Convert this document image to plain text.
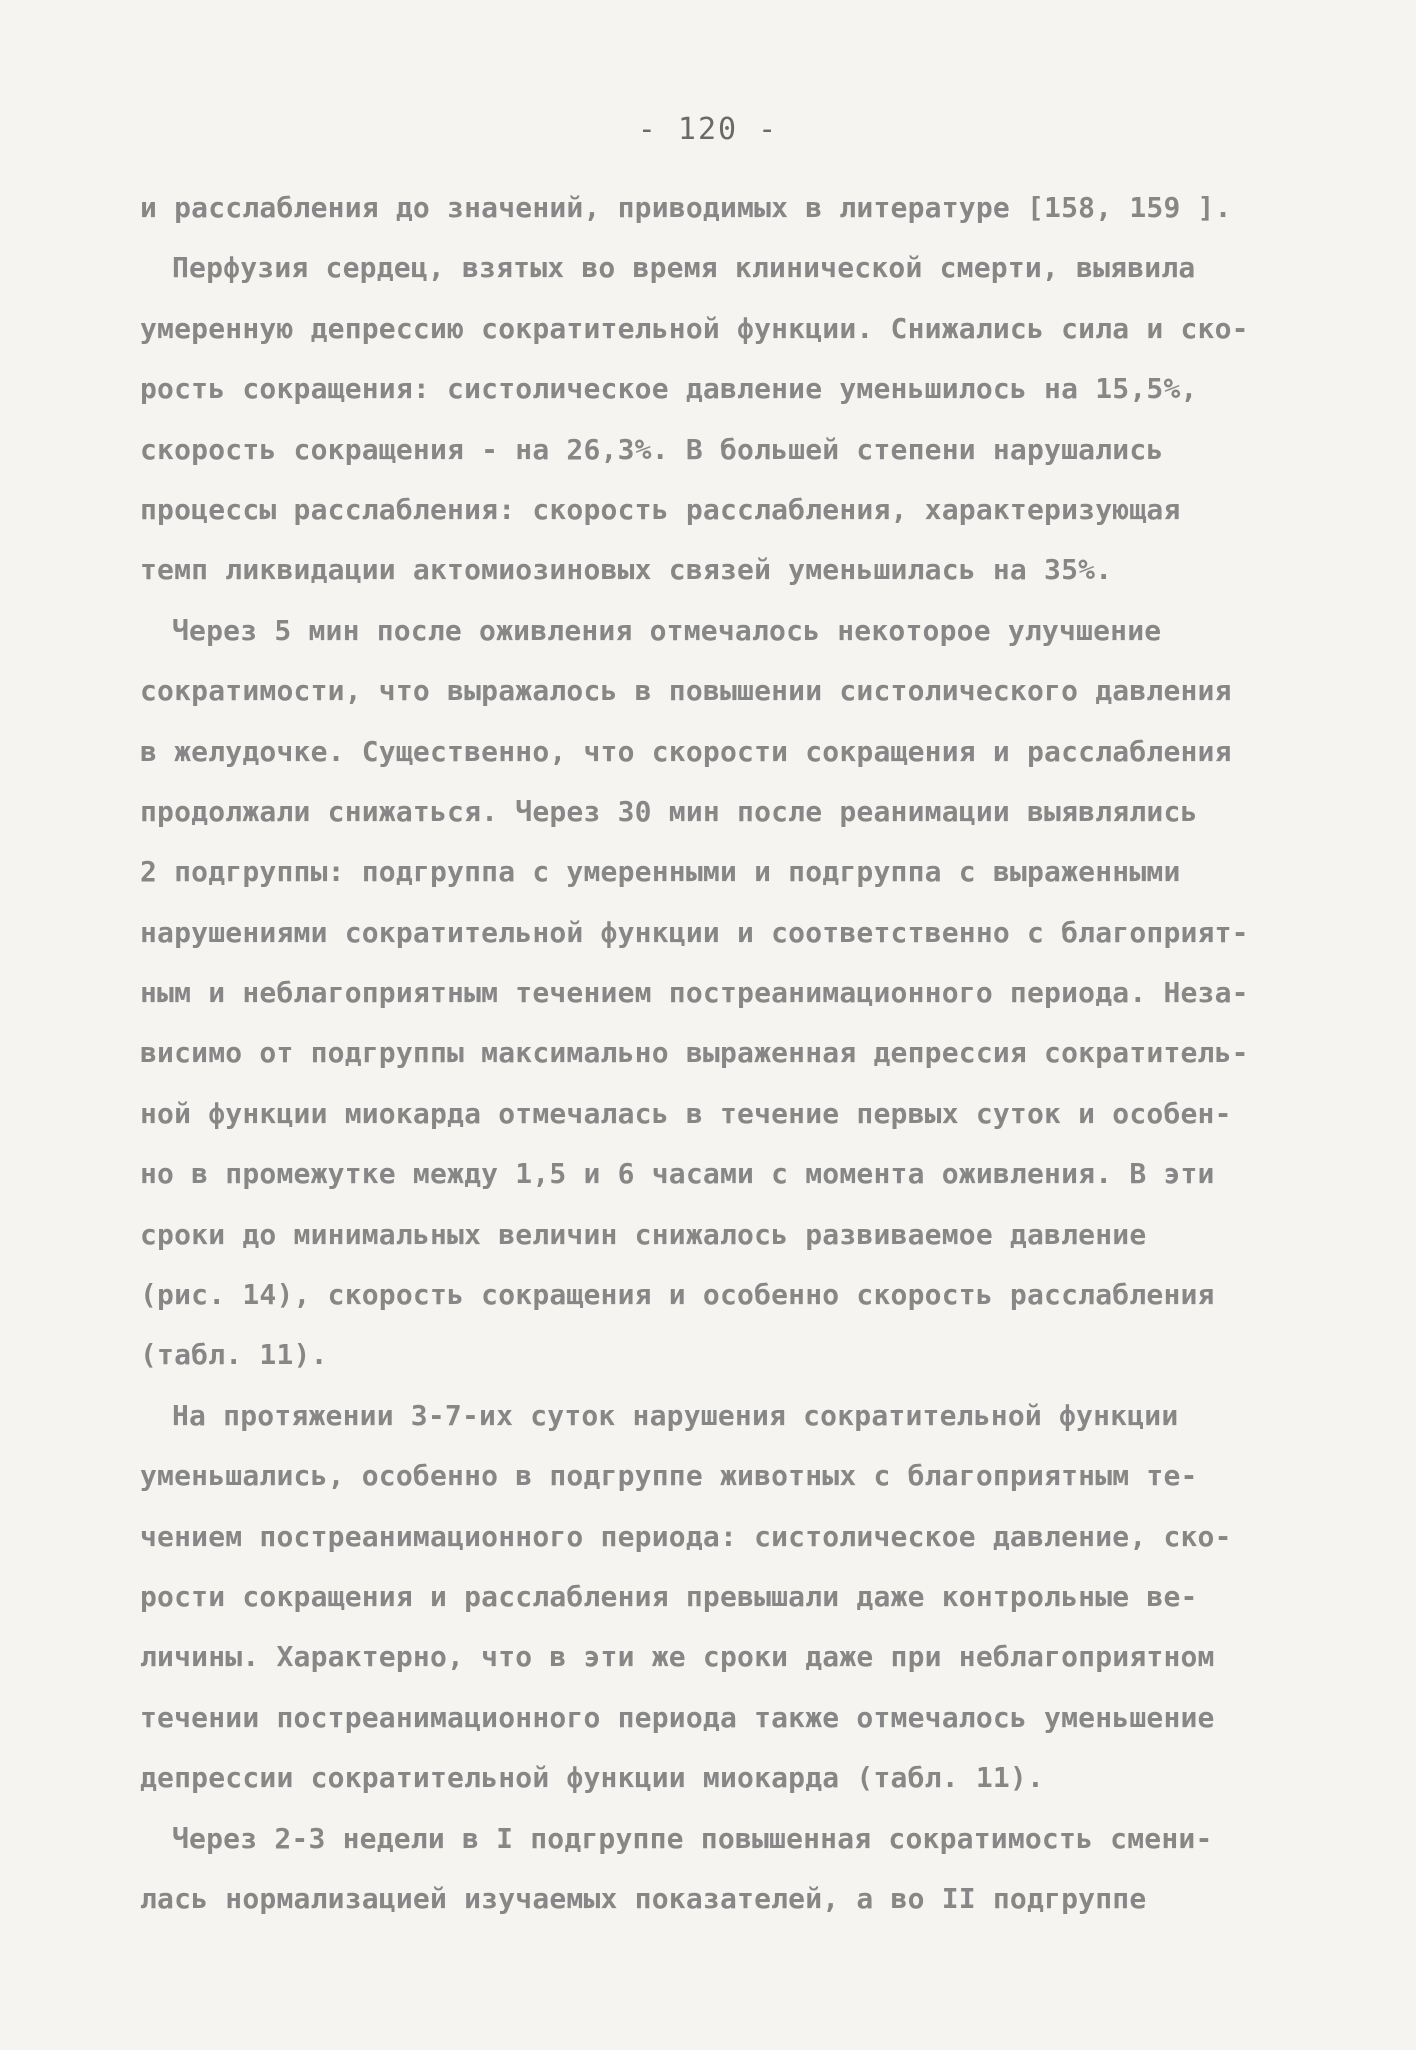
- 120 -
и расслабления до значений, приводимых в литературе [158, 159 ].
Перфузия сердец, взятых во время клинической смерти, выявила
умеренную депрессию сократительной функции. Снижались сила и ско-
рость сокращения: систолическое давление уменьшилось на 15,5%,
скорость сокращения - на 26,3%. В большей степени нарушались
процессы расслабления: скорость расслабления, характеризующая
темп ликвидации актомиозиновых связей уменьшилась на 35%.
Через 5 мин после оживления отмечалось некоторое улучшение
сократимости, что выражалось в повышении систолического давления
в желудочке. Существенно, что скорости сокращения и расслабления
продолжали снижаться. Через 30 мин после реанимации выявлялись
2 подгруппы: подгруппа с умеренными и подгруппа с выраженными
нарушениями сократительной функции и соответственно с благоприят-
ным и неблагоприятным течением постреанимационного периода. Неза-
висимо от подгруппы максимально выраженная депрессия сократитель-
ной функции миокарда отмечалась в течение первых суток и особен-
но в промежутке между 1,5 и 6 часами с момента оживления. В эти
сроки до минимальных величин снижалось развиваемое давление
(рис. 14), скорость сокращения и особенно скорость расслабления
(табл. 11).
На протяжении 3-7-их суток нарушения сократительной функции
уменьшались, особенно в подгруппе животных с благоприятным те-
чением постреанимационного периода: систолическое давление, ско-
рости сокращения и расслабления превышали даже контрольные ве-
личины. Характерно, что в эти же сроки даже при неблагоприятном
течении постреанимационного периода также отмечалось уменьшение
депрессии сократительной функции миокарда (табл. 11).
Через 2-3 недели в I подгруппе повышенная сократимость смени-
лась нормализацией изучаемых показателей, а во II подгруппе
